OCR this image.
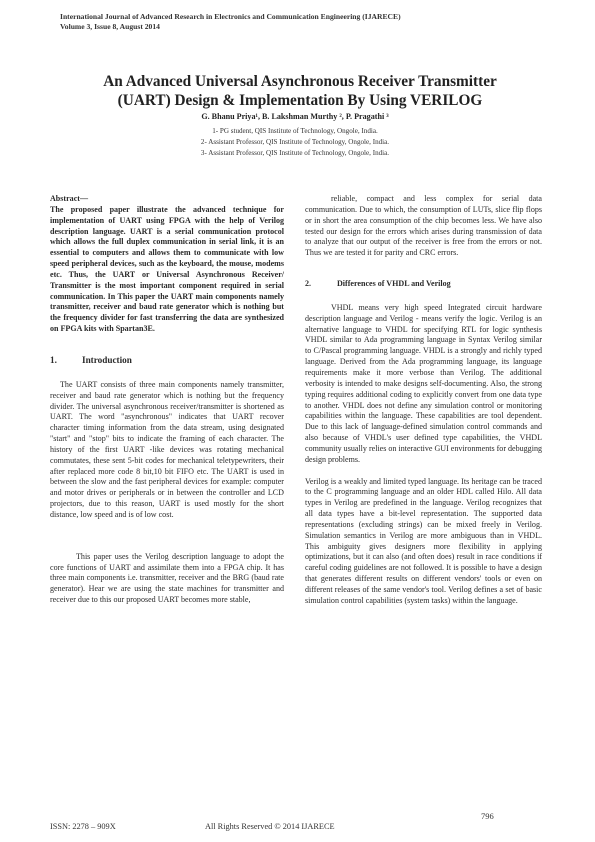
International Journal of Advanced Research in Electronics and Communication Engineering (IJARECE)
Volume 3, Issue 8, August 2014
An Advanced Universal Asynchronous Receiver Transmitter
(UART) Design & Implementation By Using VERILOG
G. Bhanu Priya¹, B. Lakshman Murthy ², P. Pragathi ³
1- PG student, QIS Institute of Technology, Ongole, India.
2- Assistant Professor, QIS Institute of Technology, Ongole, India.
3- Assistant Professor, QIS Institute of Technology, Ongole, India.

Abstract—

The proposed paper illustrate the advanced technique for implementation of UART using FPGA with the help of Verilog description language. UART is a serial communication protocol which allows the full duplex communication in serial link, it is an essential to computers and allows them to communicate with low speed peripheral devices, such as the keyboard, the mouse, modems etc. Thus, the UART or Universal Asynchronous Receiver/ Transmitter is the most important component required in serial communication. In This paper the UART main components namely transmitter, receiver and baud rate generator which is nothing but the frequency divider for fast transferring the data are synthesized on FPGA kits with Spartan3E.

1.	Introduction

The UART consists of three main components namely transmitter, receiver and baud rate generator which is nothing but the frequency divider. The universal asynchronous receiver/transmitter is shortened as UART. The word "asynchronous" indicates that UART recover character timing information from the data stream, using designated "start" and "stop" bits to indicate the framing of each character. The history of the first UART -like devices was rotating mechanical commutates, these sent 5-bit codes for mechanical teletypewriters, their after replaced more code 8 bit,10 bit FIFO etc. The UART is used in between the slow and the fast peripheral devices for example: computer and motor drives or peripherals or in between the controller and LCD projectors, due to this reason, UART is used mostly for the short distance, low speed and is of low cost.

This paper uses the Verilog description language to adopt the core functions of UART and assimilate them into a FPGA chip. It has three main components i.e. transmitter, receiver and the BRG (baud rate generator). Hear we are using the state machines for transmitter and receiver due to this our proposed UART becomes more stable,

reliable, compact and less complex for serial data communication. Due to which, the consumption of LUTs, slice flip flops or in short the area consumption of the chip becomes less. We have also tested our design for the errors which arises during transmission of data to analyze that our output of the receiver is free from the errors or not. Thus we are tested it for parity and CRC errors.

2.	Differences of VHDL and Verilog

VHDL means very high speed Integrated circuit hardware description language and Verilog - means verify the logic. Verilog is an alternative language to VHDL for specifying RTL for logic synthesis VHDL similar to Ada programming language in Syntax Verilog similar to C/Pascal programming language. VHDL is a strongly and richly typed language. Derived from the Ada programming language, its language requirements make it more verbose than Verilog. The additional verbosity is intended to make designs self-documenting. Also, the strong typing requires additional coding to explicitly convert from one data type to another. VHDL does not define any simulation control or monitoring capabilities within the language. These capabilities are tool dependent. Due to this lack of language-defined simulation control commands and also because of VHDL's user defined type capabilities, the VHDL community usually relies on interactive GUI environments for debugging design problems.

Verilog is a weakly and limited typed language. Its heritage can be traced to the C programming language and an older HDL called Hilo. All data types in Verilog are predefined in the language. Verilog recognizes that all data types have a bit-level representation. The supported data representations (excluding strings) can be mixed freely in Verilog. Simulation semantics in Verilog are more ambiguous than in VHDL. This ambiguity gives designers more flexibility in applying optimizations, but it can also (and often does) result in race conditions if careful coding guidelines are not followed. It is possible to have a design that generates different results on different vendors' tools or even on different releases of the same vendor's tool. Verilog defines a set of basic simulation control capabilities (system tasks) within the language.

796
ISSN: 2278 – 909X	All Rights Reserved © 2014 IJARECE
